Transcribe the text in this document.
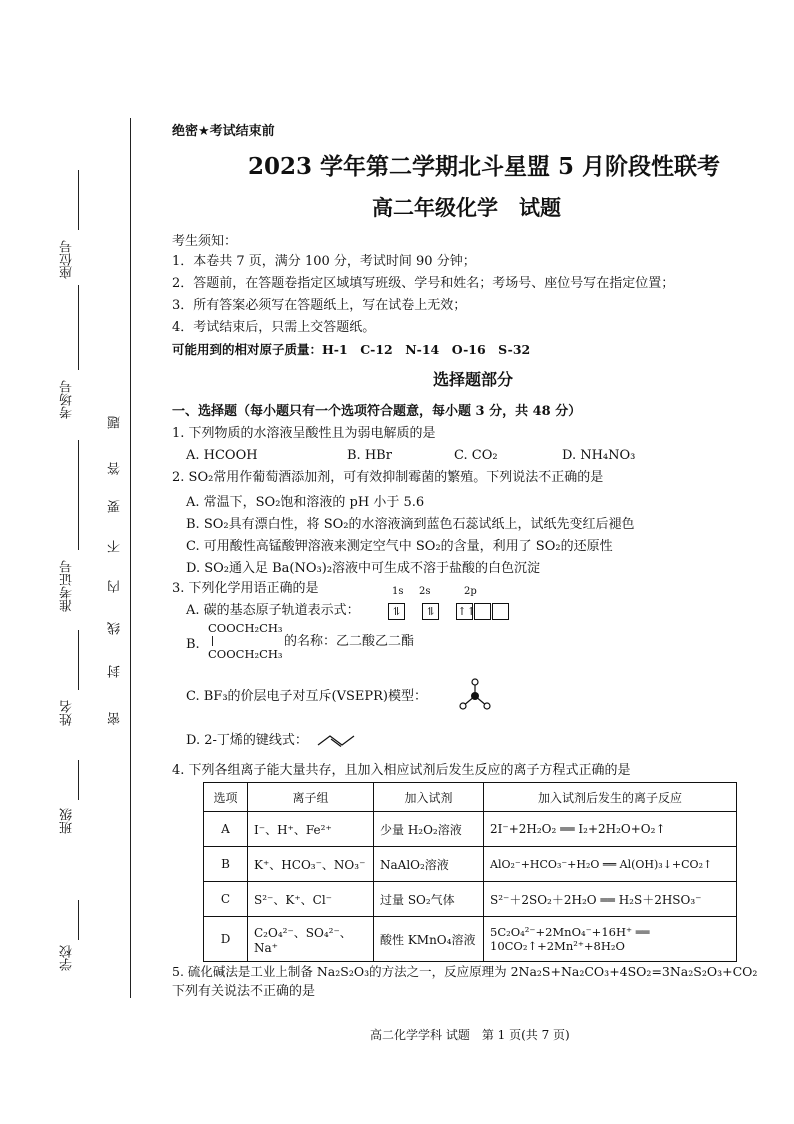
座位号
考场号
准考证号
姓名
班级
学校
题
答
要
不
内
线
封
密
绝密★考试结束前
2023 学年第二学期北斗星盟 5 月阶段性联考
高二年级化学　试题
考生须知：
1．本卷共 7 页，满分 100 分，考试时间 90 分钟；
2．答题前，在答题卷指定区域填写班级、学号和姓名；考场号、座位号写在指定位置；
3．所有答案必须写在答题纸上，写在试卷上无效；
4．考试结束后，只需上交答题纸。
可能用到的相对原子质量：H-1　C-12　N-14　O-16　S-32
选择题部分
一、选择题（每小题只有一个选项符合题意，每小题 3 分，共 48 分）
1. 下列物质的水溶液呈酸性且为弱电解质的是
A. HCOOH	B. HBr	C. CO₂	D. NH₄NO₃
2. SO₂常用作葡萄酒添加剂，可有效抑制霉菌的繁殖。下列说法不正确的是
A. 常温下，SO₂饱和溶液的 pH 小于 5.6
B. SO₂具有漂白性，将 SO₂的水溶液滴到蓝色石蕊试纸上，试纸先变红后褪色
C. 可用酸性高锰酸钾溶液来测定空气中 SO₂的含量，利用了 SO₂的还原性
D. SO₂通入足 Ba(NO₃)₂溶液中可生成不溶于盐酸的白色沉淀
3. 下列化学用语正确的是	1s 2s	2p
A. 碳的基态原子轨道表示式：	⥮ ⥮ ↑↑
B.
COOCH₂CH₃
COOCH₂CH₃
的名称：乙二酸乙二酯
C. BF₃的价层电子对互斥(VSEPR)模型：
D. 2-丁烯的键线式：
4. 下列各组离子能大量共存，且加入相应试剂后发生反应的离子方程式正确的是
选项	离子组	加入试剂	加入试剂后发生的离子反应
A	I⁻、H⁺、Fe²⁺	少量 H₂O₂溶液	2I⁻+2H₂O₂ ══ I₂+2H₂O+O₂↑
B	K⁺、HCO₃⁻、NO₃⁻	NaAlO₂溶液	AlO₂⁻+HCO₃⁻+H₂O ══ Al(OH)₃↓+CO₂↑
C	S²⁻、K⁺、Cl⁻	过量 SO₂气体	S²⁻＋2SO₂＋2H₂O ══ H₂S＋2HSO₃⁻
D	C₂O₄²⁻、SO₄²⁻、Na⁺	酸性 KMnO₄溶液	5C₂O₄²⁻+2MnO₄⁻+16H⁺ ══ 10CO₂↑+2Mn²⁺+8H₂O
5. 硫化碱法是工业上制备 Na₂S₂O₃的方法之一，反应原理为 2Na₂S+Na₂CO₃+4SO₂=3Na₂S₂O₃+CO₂
下列有关说法不正确的是
高二化学学科 试题　第 1 页(共 7 页)
